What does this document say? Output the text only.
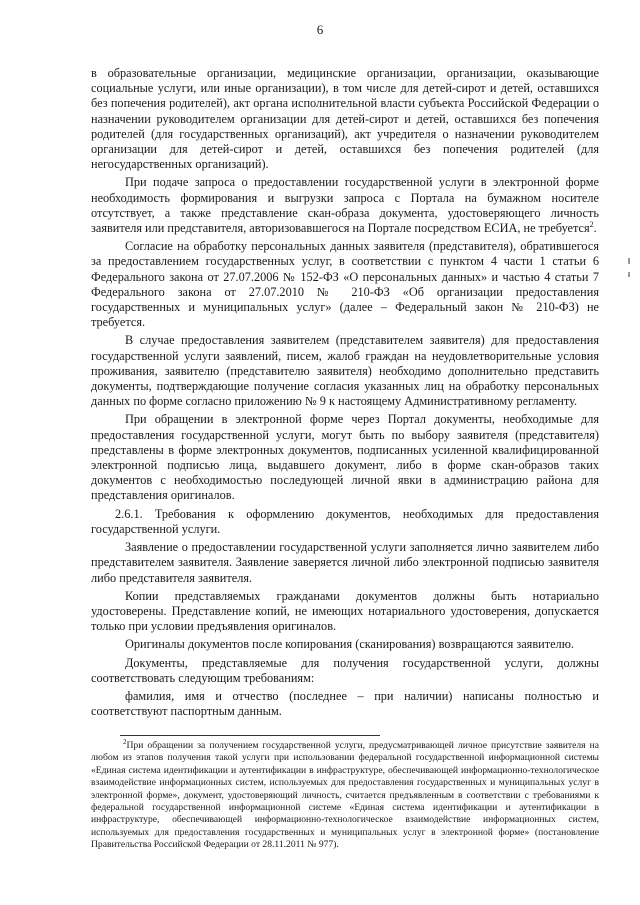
6

в образовательные организации, медицинские организации, организации, оказывающие социальные услуги, или иные организации), в том числе для детей-сирот и детей, оставшихся без попечения родителей), акт органа исполнительной власти субъекта Российской Федерации о назначении руководителем организации для детей-сирот и детей, оставшихся без попечения родителей (для государственных организаций), акт учредителя о назначении руководителем организации для детей-сирот и детей, оставшихся без попечения родителей (для негосударственных организаций).

При подаче запроса о предоставлении государственной услуги в электронной форме необходимость формирования и выгрузки запроса с Портала на бумажном носителе отсутствует, а также представление скан-образа документа, удостоверяющего личность заявителя или представителя, авторизовавшегося на Портале посредством ЕСИА, не требуется$^2$.

Согласие на обработку персональных данных заявителя (представителя), обратившегося за предоставлением государственных услуг, в соответствии с пунктом 4 части 1 статьи 6 Федерального закона от 27.07.2006 № 152-ФЗ «О персональных данных» и частью 4 статьи 7 Федерального закона от 27.07.2010 № 210-ФЗ «Об организации предоставления государственных и муниципальных услуг» (далее – Федеральный закон № 210-ФЗ) не требуется.

В случае предоставления заявителем (представителем заявителя) для предоставления государственной услуги заявлений, писем, жалоб граждан на неудовлетворительные условия проживания, заявителю (представителю заявителя) необходимо дополнительно представить документы, подтверждающие получение согласия указанных лиц на обработку персональных данных по форме согласно приложению № 9 к настоящему Административному регламенту.

При обращении в электронной форме через Портал документы, необходимые для предоставления государственной услуги, могут быть по выбору заявителя (представителя) представлены в форме электронных документов, подписанных усиленной квалифицированной электронной подписью лица, выдавшего документ, либо в форме скан-образов таких документов с необходимостью последующей личной явки в администрацию района для представления оригиналов.

2.6.1. Требования к оформлению документов, необходимых для предоставления государственной услуги.

Заявление о предоставлении государственной услуги заполняется лично заявителем либо представителем заявителя. Заявление заверяется личной либо электронной подписью заявителя либо представителя заявителя.

Копии представляемых гражданами документов должны быть нотариально удостоверены. Представление копий, не имеющих нотариального удостоверения, допускается только при условии предъявления оригиналов.

Оригиналы документов после копирования (сканирования) возвращаются заявителю.

Документы, представляемые для получения государственной услуги, должны соответствовать следующим требованиям:

фамилия, имя и отчество (последнее – при наличии) написаны полностью и соответствуют паспортным данным.

$^2$При обращении за получением государственной услуги, предусматривающей личное присутствие заявителя на любом из этапов получения такой услуги при использовании федеральной государственной информационной системы «Единая система идентификации и аутентификации в инфраструктуре, обеспечивающей информационно-технологическое взаимодействие информационных систем, используемых для предоставления государственных и муниципальных услуг в электронной форме», документ, удостоверяющий личность, считается предъявленным в соответствии с требованиями к федеральной государственной информационной системе «Единая система идентификации и аутентификации в инфраструктуре, обеспечивающей информационно-технологическое взаимодействие информационных систем, используемых для предоставления государственных и муниципальных услуг в электронной форме» (постановление Правительства Российской Федерации от 28.11.2011 № 977).
